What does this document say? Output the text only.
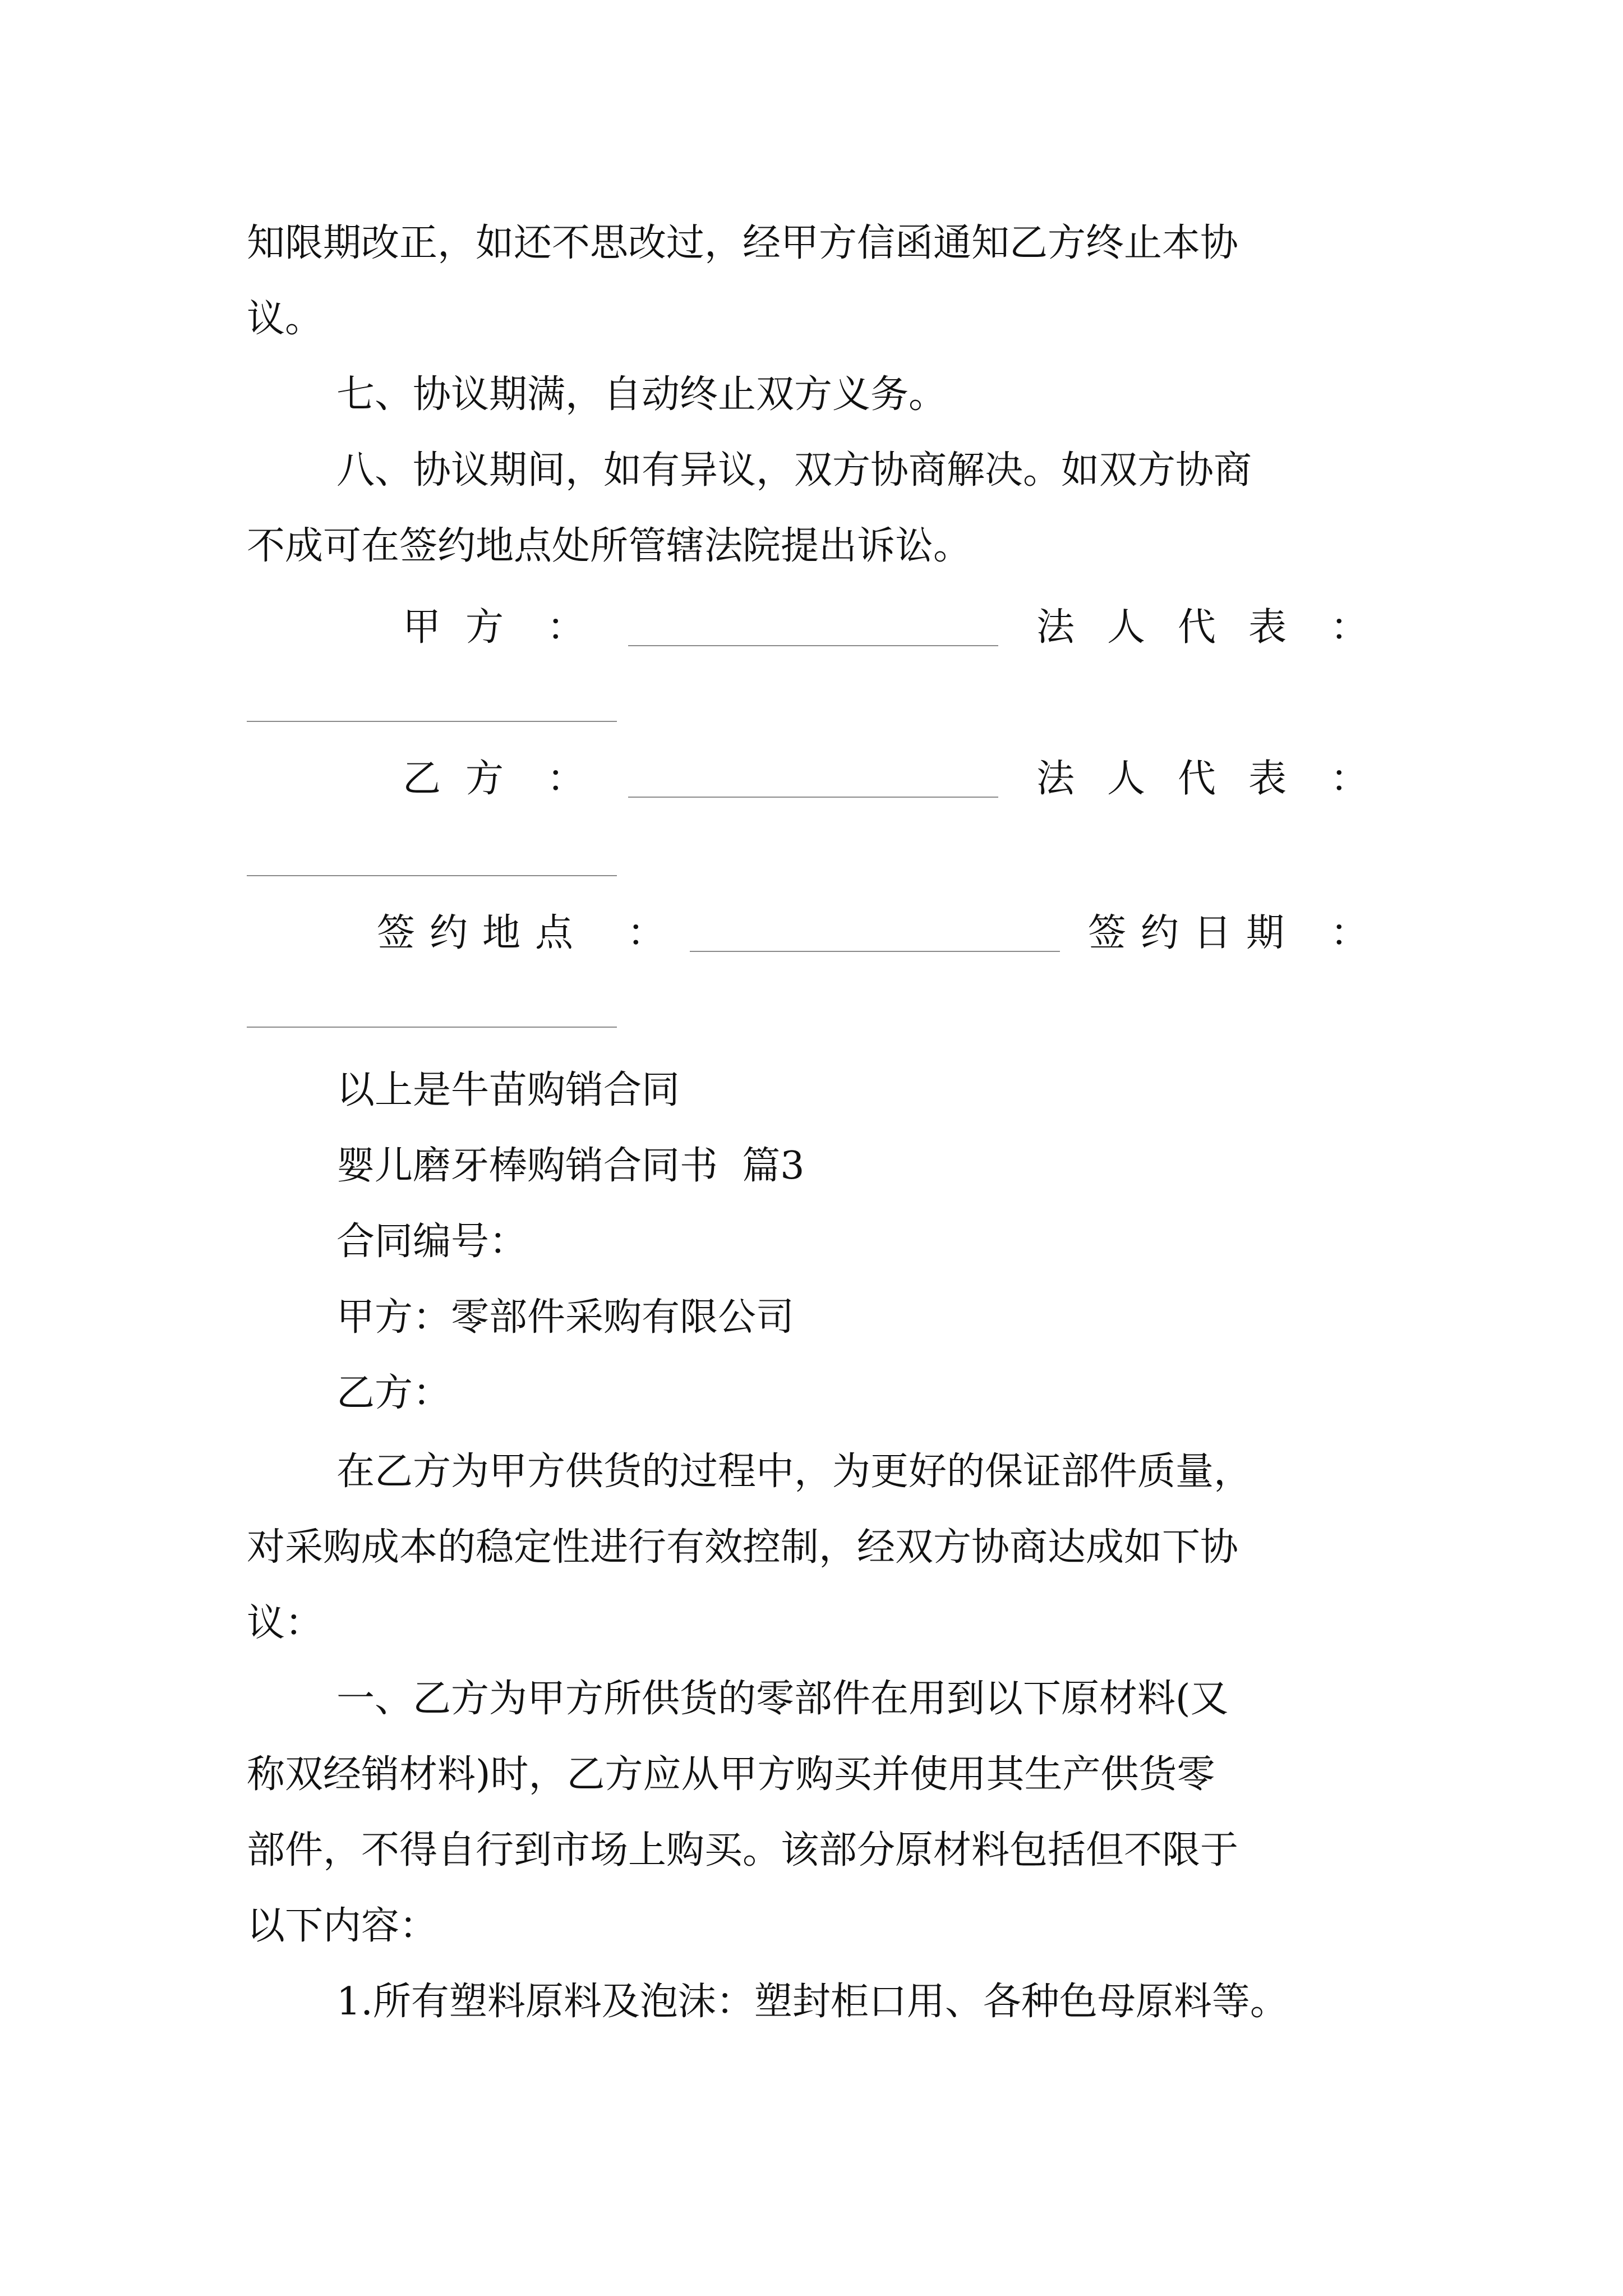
知限期改正，如还不思改过，经甲方信函通知乙方终止本协
议。
七、协议期满，自动终止双方义务。
八、协议期间，如有异议，双方协商解决。如双方协商
不成可在签约地点处所管辖法院提出诉讼。
甲方 ：	法人代表 ：
乙方 ：	法人代表 ：
签约地点 ：	签约日期 ：
以上是牛苗购销合同
婴儿磨牙棒购销合同书  篇3
合同编号：
甲方：零部件采购有限公司
乙方：
在乙方为甲方供货的过程中，为更好的保证部件质量，
对采购成本的稳定性进行有效控制，经双方协商达成如下协
议：
一、乙方为甲方所供货的零部件在用到以下原材料(又
称双经销材料)时，乙方应从甲方购买并使用其生产供货零
部件，不得自行到市场上购买。该部分原材料包括但不限于
以下内容：
1.所有塑料原料及泡沫：塑封柜口用、各种色母原料等。
